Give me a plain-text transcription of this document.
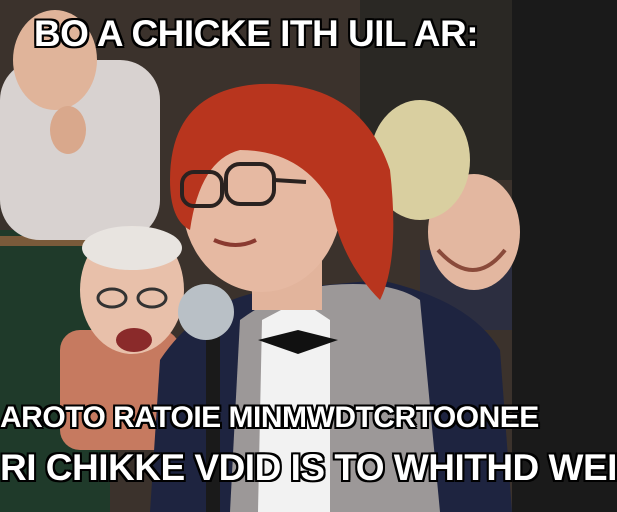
BO A CHICKE ITH UIL AR:
AROTO RATOIE MINMWDTCRTOONEE
RI CHIKKE VDID IS TO WHITHD WEI
